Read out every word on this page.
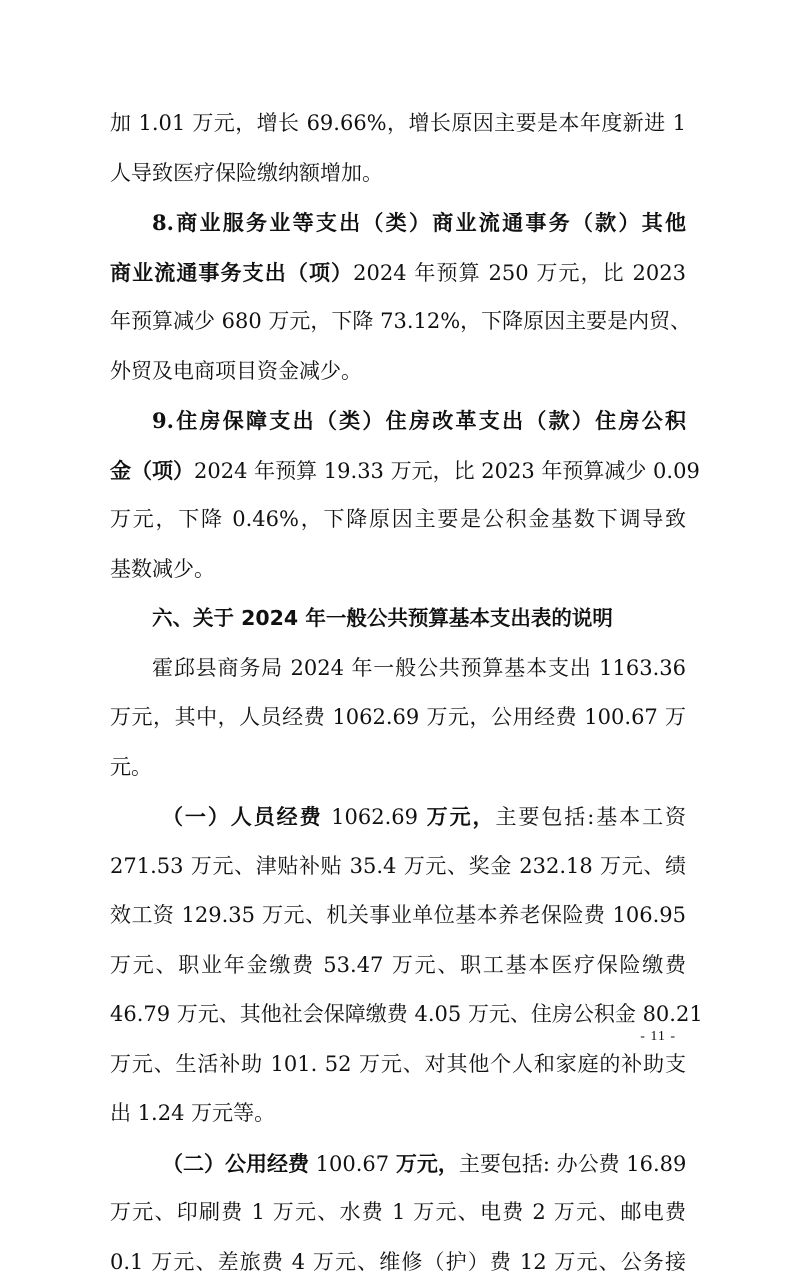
加 1.01 万元，增长 69.66%，增长原因主要是本年度新进 1
人导致医疗保险缴纳额增加。
8.商业服务业等支出（类）商业流通事务（款）其他
商业流通事务支出（项）2024 年预算 250 万元，比 2023
年预算减少 680 万元，下降 73.12%，下降原因主要是内贸、
外贸及电商项目资金减少。
9.住房保障支出（类）住房改革支出（款）住房公积
金（项）2024 年预算 19.33 万元，比 2023 年预算减少 0.09
万元，下降 0.46%，下降原因主要是公积金基数下调导致
基数减少。
六、关于 2024 年一般公共预算基本支出表的说明
霍邱县商务局 2024 年一般公共预算基本支出 1163.36
万元，其中，人员经费 1062.69 万元，公用经费 100.67 万
元。
（一）人员经费 1062.69 万元，主要包括:基本工资
271.53 万元、津贴补贴 35.4 万元、奖金 232.18 万元、绩
效工资 129.35 万元、机关事业单位基本养老保险费 106.95
万元、职业年金缴费 53.47 万元、职工基本医疗保险缴费
46.79 万元、其他社会保障缴费 4.05 万元、住房公积金 80.21
万元、生活补助 101. 52 万元、对其他个人和家庭的补助支
出 1.24 万元等。
（二）公用经费 100.67 万元，主要包括: 办公费 16.89
万元、印刷费 1 万元、水费 1 万元、电费 2 万元、邮电费
0.1 万元、差旅费 4 万元、维修（护）费 12 万元、公务接
- 11 -
